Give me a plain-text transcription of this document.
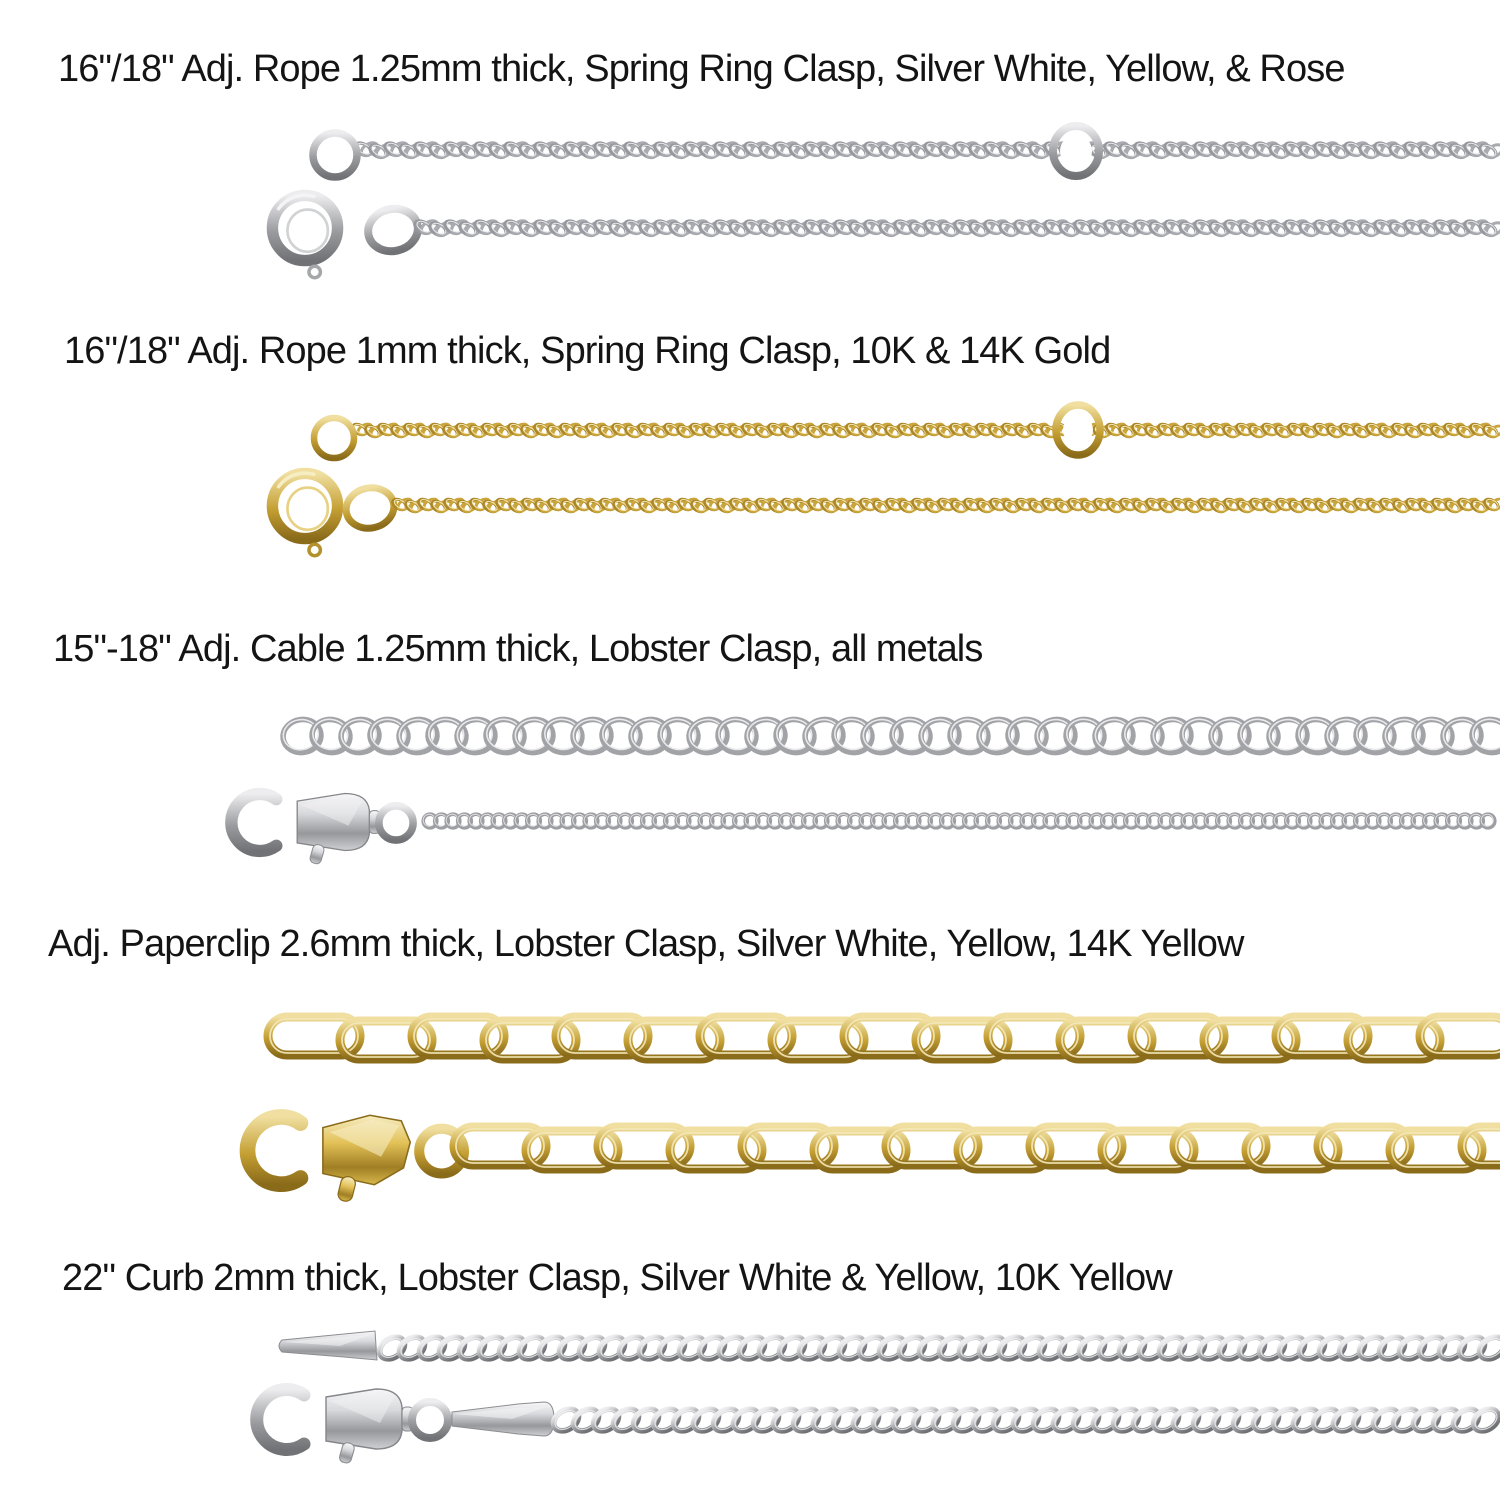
16"/18" Adj. Rope 1.25mm thick, Spring Ring Clasp, Silver White, Yellow, & Rose
16"/18" Adj. Rope 1mm thick, Spring Ring Clasp, 10K & 14K Gold
15"-18" Adj. Cable 1.25mm thick, Lobster Clasp, all metals
Adj. Paperclip 2.6mm thick, Lobster Clasp, Silver White, Yellow, 14K Yellow
22" Curb 2mm thick, Lobster Clasp, Silver White & Yellow, 10K Yellow
